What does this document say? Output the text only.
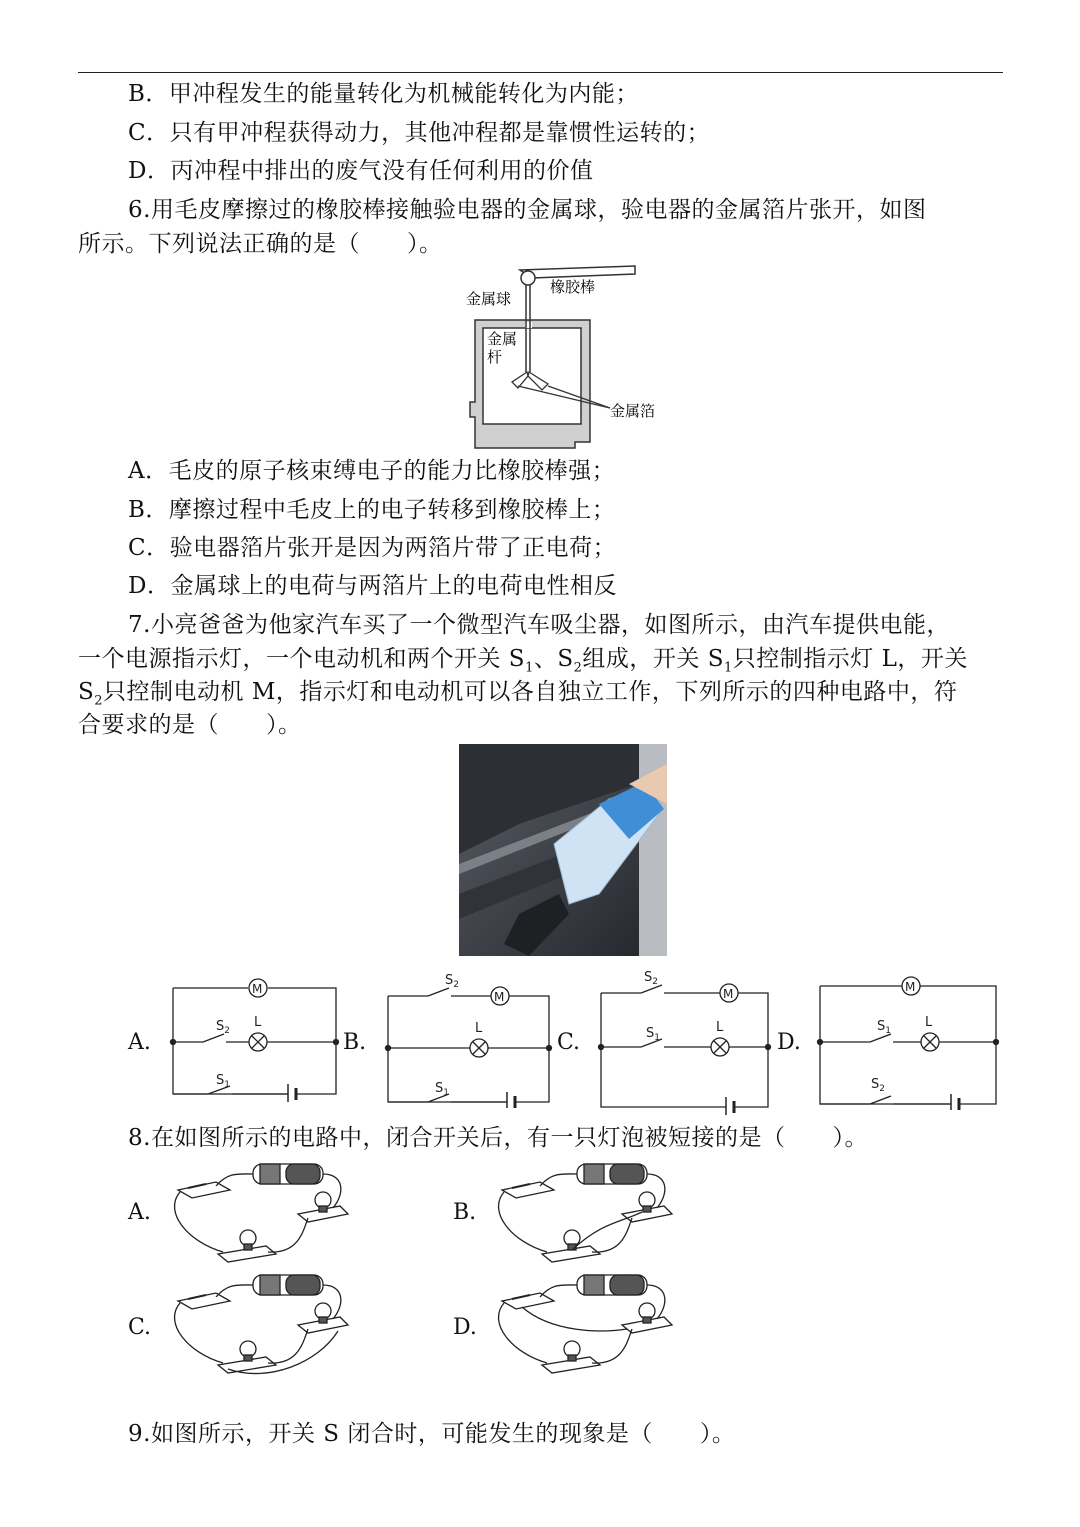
B．甲冲程发生的能量转化为机械能转化为内能；
C．只有甲冲程获得动力，其他冲程都是靠惯性运转的；
D．丙冲程中排出的废气没有任何利用的价值
6.用毛皮摩擦过的橡胶棒接触验电器的金属球，验电器的金属箔片张开，如图
所示。下列说法正确的是（　　）。
金属球
橡胶棒
金属
杆
金属箔
A．毛皮的原子核束缚电子的能力比橡胶棒强；
B．摩擦过程中毛皮上的电子转移到橡胶棒上；
C．验电器箔片张开是因为两箔片带了正电荷；
D．金属球上的电荷与两箔片上的电荷电性相反
7.小亮爸爸为他家汽车买了一个微型汽车吸尘器，如图所示，由汽车提供电能，
一个电源指示灯，一个电动机和两个开关 $S_1$、$S_2$组成，开关 $S_1$只控制指示灯 L，开关
$S_2$只控制电动机 M，指示灯和电动机可以各自独立工作，下列所示的四种电路中，符
合要求的是（　　）。
A.	B.	C.	D.
M
$S_2$
L
$S_1$
M
$S_2$
L
$S_1$
M
$S_2$
L
$S_1$
M
L
$S_1$
$S_2$
8.在如图所示的电路中，闭合开关后，有一只灯泡被短接的是（　　）。
A.	B.
C.	D.
9.如图所示，开关 S 闭合时，可能发生的现象是（　　）。
